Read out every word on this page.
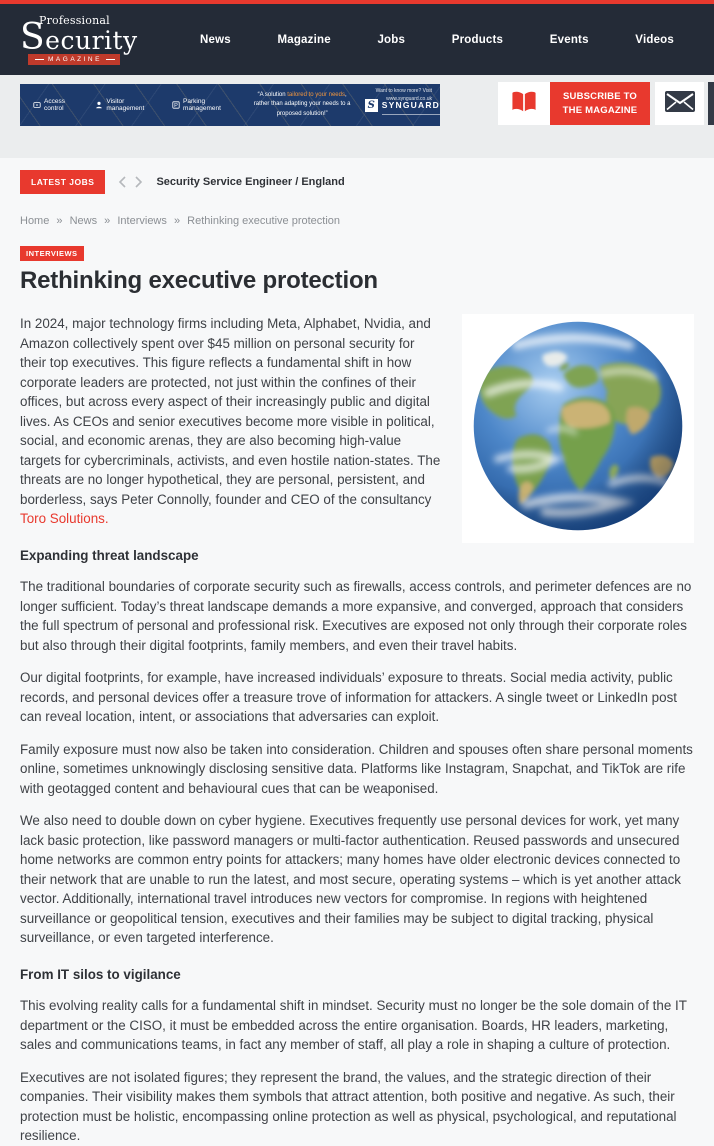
Professional
Security
MAGAZINE
News	Magazine	Jobs	Products	Events	Videos
Access control
Visitor management	P
Parking management
“A solution tailored to your needs, rather than adapting your needs to a proposed solution!”
S SYNGUARD
Want to know more? Visit
www.synguard.co.uk	SUBSCRIBE TO
THE MAGAZINE
LATEST JOBS	Security Service Engineer / England
Home » News » Interviews » Rethinking executive protection
INTERVIEWS
Rethinking executive protection

In 2024, major technology firms including Meta, Alphabet, Nvidia, and Amazon collectively spent over $45 million on personal security for their top executives. This figure reflects a fundamental shift in how corporate leaders are protected, not just within the confines of their offices, but across every aspect of their increasingly public and digital lives. As CEOs and senior executives become more visible in political, social, and economic arenas, they are also becoming high-value targets for cybercriminals, activists, and even hostile nation-states. The threats are no longer hypothetical, they are personal, persistent, and borderless, says Peter Connolly, founder and CEO of the consultancy Toro Solutions.

Expanding threat landscape

The traditional boundaries of corporate security such as firewalls, access controls, and perimeter defences are no longer sufficient. Today’s threat landscape demands a more expansive, and converged, approach that considers the full spectrum of personal and professional risk. Executives are exposed not only through their corporate roles but also through their digital footprints, family members, and even their travel habits.

Our digital footprints, for example, have increased individuals’ exposure to threats. Social media activity, public records, and personal devices offer a treasure trove of information for attackers. A single tweet or LinkedIn post can reveal location, intent, or associations that adversaries can exploit.

Family exposure must now also be taken into consideration. Children and spouses often share personal moments online, sometimes unknowingly disclosing sensitive data. Platforms like Instagram, Snapchat, and TikTok are rife with geotagged content and behavioural cues that can be weaponised.

We also need to double down on cyber hygiene. Executives frequently use personal devices for work, yet many lack basic protection, like password managers or multi-factor authentication. Reused passwords and unsecured home networks are common entry points for attackers; many homes have older electronic devices connected to their network that are unable to run the latest, and most secure, operating systems – which is yet another attack vector. Additionally, international travel introduces new vectors for compromise. In regions with heightened surveillance or geopolitical tension, executives and their families may be subject to digital tracking, physical surveillance, or even targeted interference.

From IT silos to vigilance

This evolving reality calls for a fundamental shift in mindset. Security must no longer be the sole domain of the IT department or the CISO, it must be embedded across the entire organisation. Boards, HR leaders, marketing, sales and communications teams, in fact any member of staff, all play a role in shaping a culture of protection.

Executives are not isolated figures; they represent the brand, the values, and the strategic direction of their companies. Their visibility makes them symbols that attract attention, both positive and negative. As such, their protection must be holistic, encompassing online protection as well as physical, psychological, and reputational resilience.
